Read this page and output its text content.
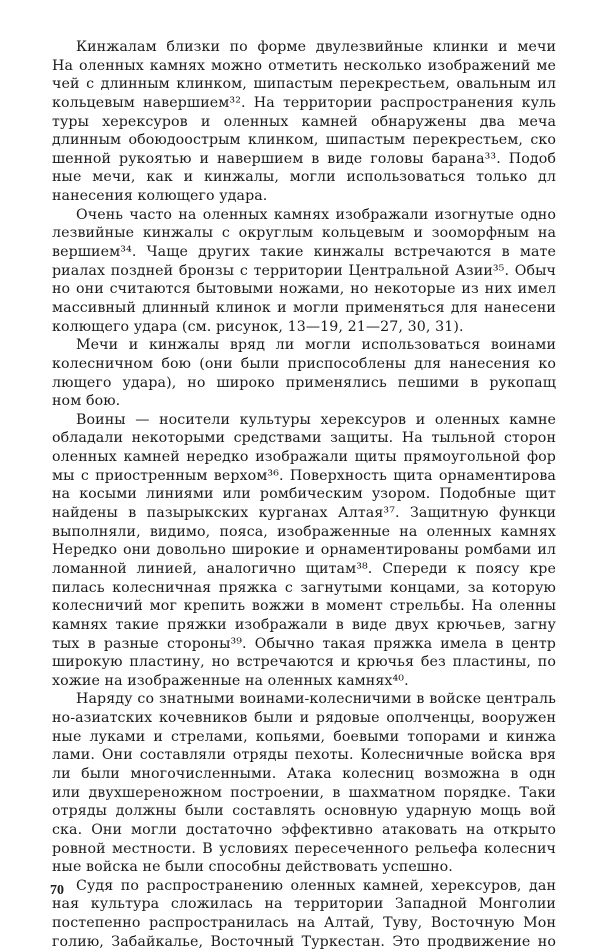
Кинжалам близки по форме двулезвийные клинки и мечи
На оленных камнях можно отметить несколько изображений ме
чей с длинным клинком, шипастым перекрестьем, овальным ил
кольцевым навершием³². На территории распространения куль
туры херексуров и оленных камней обнаружены два меча
длинным обоюдоострым клинком, шипастым перекрестьем, ско
шенной рукоятью и навершием в виде головы барана³³. Подоб
ные мечи, как и кинжалы, могли использоваться только дл
нанесения колющего удара.
Очень часто на оленных камнях изображали изогнутые одно
лезвийные кинжалы с округлым кольцевым и зооморфным на
вершием³⁴. Чаще других такие кинжалы встречаются в мате
риалах поздней бронзы с территории Центральной Азии³⁵. Обыч
но они считаются бытовыми ножами, но некоторые из них имел
массивный длинный клинок и могли применяться для нанесени
колющего удара (см. рисунок, 13—19, 21—27, 30, 31).
Мечи и кинжалы вряд ли могли использоваться воинами
колесничном бою (они были приспособлены для нанесения ко
лющего удара), но широко применялись пешими в рукопащ
ном бою.
Воины — носители культуры херексуров и оленных камне
обладали некоторыми средствами защиты. На тыльной сторон
оленных камней нередко изображали щиты прямоугольной фор
мы с приостренным верхом³⁶. Поверхность щита орнаментирова
на косыми линиями или ромбическим узором. Подобные щит
найдены в пазырыкских курганах Алтая³⁷. Защитную функци
выполняли, видимо, пояса, изображенные на оленных камнях
Нередко они довольно широкие и орнаментированы ромбами ил
ломанной линией, аналогично щитам³⁸. Спереди к поясу кре
пилась колесничная пряжка с загнутыми концами, за которую
колесничий мог крепить вожжи в момент стрельбы. На оленны
камнях такие пряжки изображали в виде двух крючьев, загну
тых в разные стороны³⁹. Обычно такая пряжка имела в центр
широкую пластину, но встречаются и крючья без пластины, по
хожие на изображенные на оленных камнях⁴⁰.
Наряду со знатными воинами-колесничими в войске централь
но-азиатских кочевников были и рядовые ополченцы, вооружен
ные луками и стрелами, копьями, боевыми топорами и кинжа
лами. Они составляли отряды пехоты. Колесничные войска вря
ли были многочисленными. Атака колесниц возможна в одн
или двухшереножном построении, в шахматном порядке. Таки
отряды должны были составлять основную ударную мощь вой
ска. Они могли достаточно эффективно атаковать на открыто
ровной местности. В условиях пересеченного рельефа колеснич
ные войска не были способны действовать успешно.
Судя по распространению оленных камней, херексуров, дан
ная культура сложилась на территории Западной Монголии
постепенно распространилась на Алтай, Туву, Восточную Мон
голию, Забайкалье, Восточный Туркестан. Это продвижение но
70
